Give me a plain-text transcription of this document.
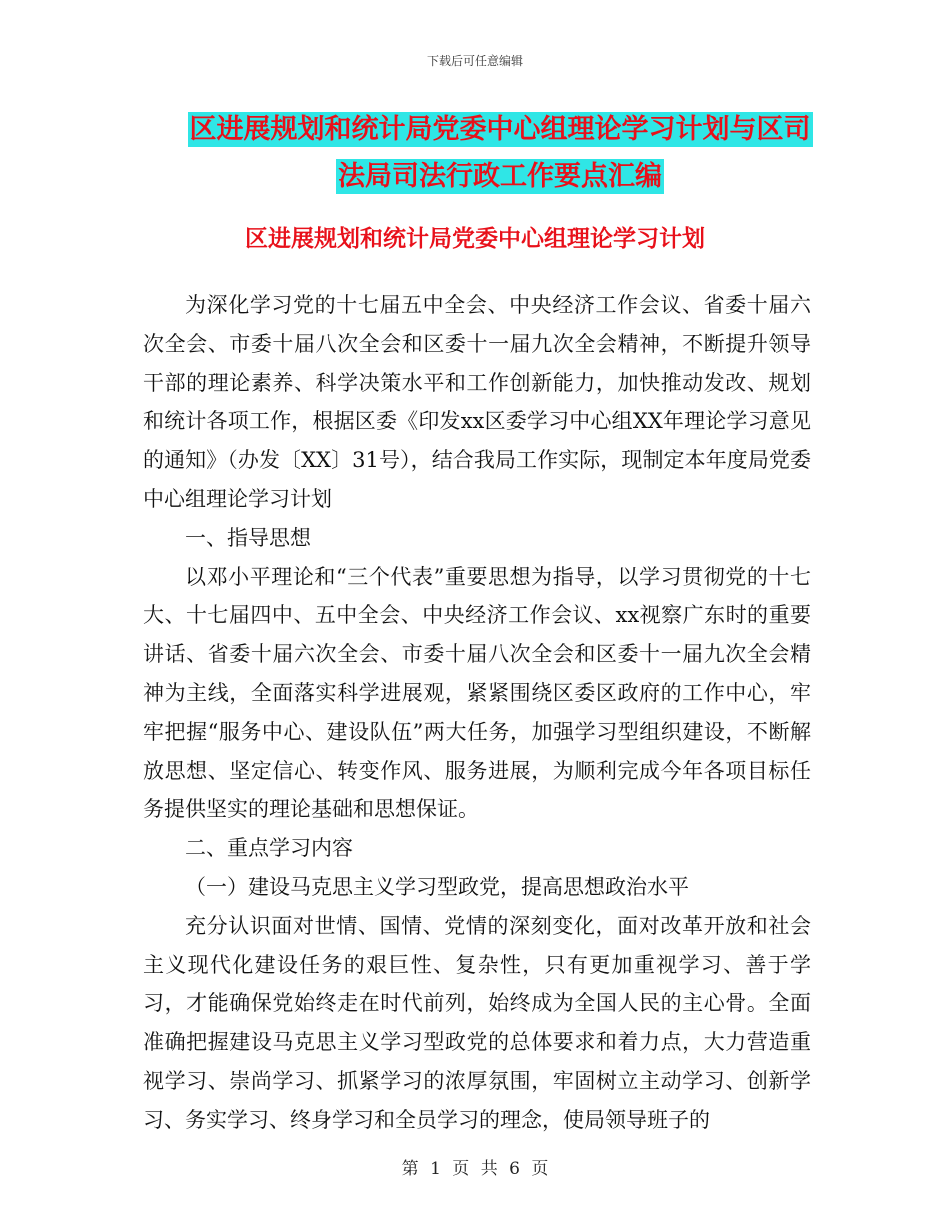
下载后可任意编辑
区进展规划和统计局党委中心组理论学习计划与区司
法局司法行政工作要点汇编
区进展规划和统计局党委中心组理论学习计划

为深化学习党的十七届五中全会、中央经济工作会议、省委十届六次全会、市委十届八次全会和区委十一届九次全会精神，不断提升领导干部的理论素养、科学决策水平和工作创新能力，加快推动发改、规划和统计各项工作，根据区委《印发xx区委学习中心组XX年理论学习意见的通知》（办发〔XX〕31号），结合我局工作实际，现制定本年度局党委中心组理论学习计划

一、指导思想

以邓小平理论和“三个代表”重要思想为指导，以学习贯彻党的十七大、十七届四中、五中全会、中央经济工作会议、xx视察广东时的重要讲话、省委十届六次全会、市委十届八次全会和区委十一届九次全会精神为主线，全面落实科学进展观，紧紧围绕区委区政府的工作中心，牢牢把握“服务中心、建设队伍”两大任务，加强学习型组织建设，不断解放思想、坚定信心、转变作风、服务进展，为顺利完成今年各项目标任务提供坚实的理论基础和思想保证。

二、重点学习内容

（一）建设马克思主义学习型政党，提高思想政治水平

充分认识面对世情、国情、党情的深刻变化，面对改革开放和社会主义现代化建设任务的艰巨性、复杂性，只有更加重视学习、善于学习，才能确保党始终走在时代前列，始终成为全国人民的主心骨。全面准确把握建设马克思主义学习型政党的总体要求和着力点，大力营造重视学习、崇尚学习、抓紧学习的浓厚氛围，牢固树立主动学习、创新学习、务实学习、终身学习和全员学习的理念，使局领导班子的

第 1 页 共 6 页
